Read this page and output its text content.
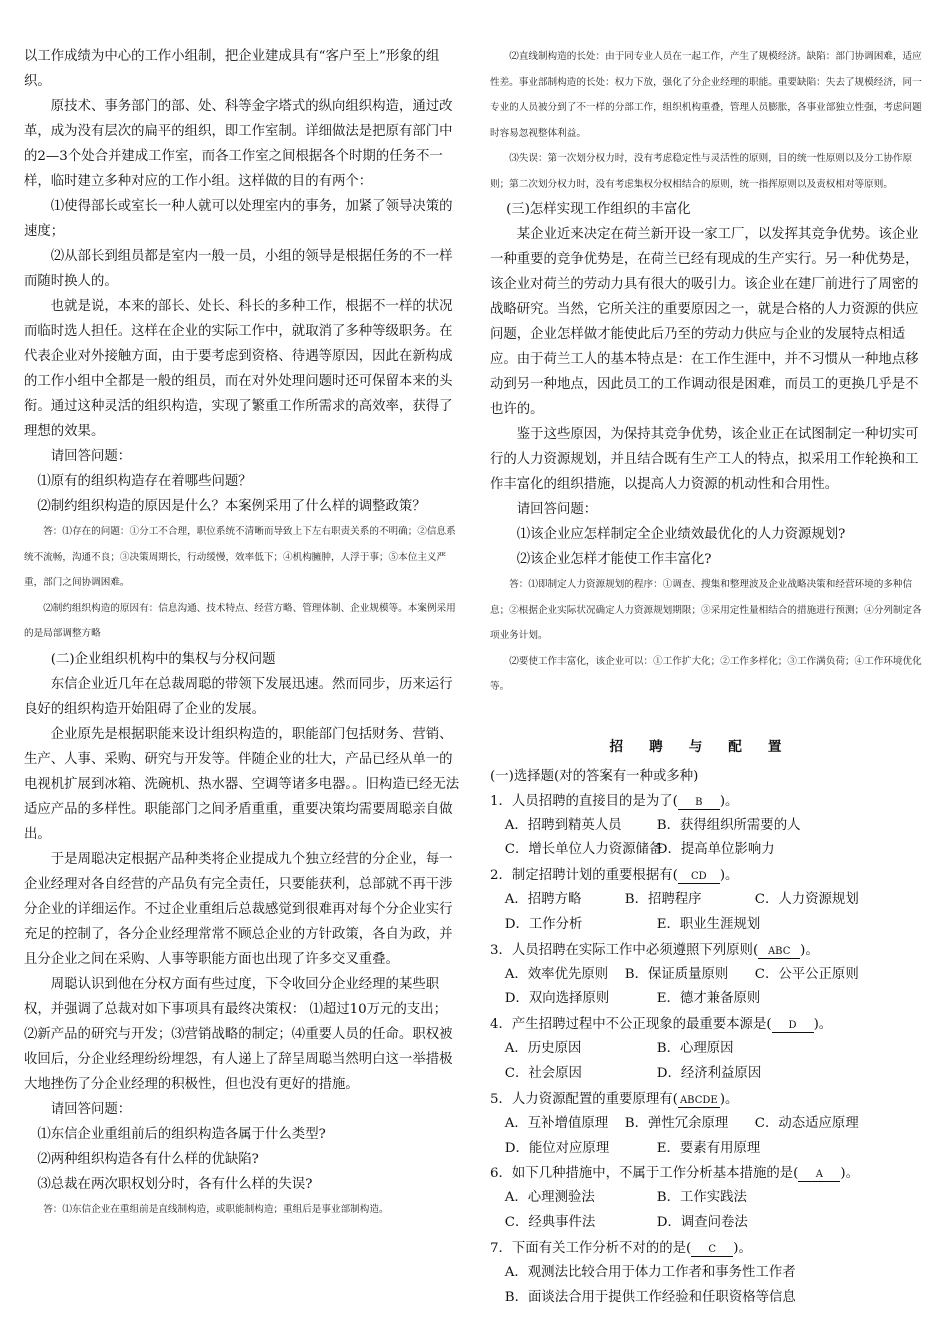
以工作成绩为中心的工作小组制，把企业建成具有“客户至上”形象的组织。

原技术、事务部门的部、处、科等金字塔式的纵向组织构造，通过改革，成为没有层次的扁平的组织，即工作室制。详细做法是把原有部门中的2—3个处合并建成工作室，而各工作室之间根据各个时期的任务不一样，临时建立多种对应的工作小组。这样做的目的有两个：

⑴使得部长或室长一种人就可以处理室内的事务，加紧了领导决策的速度；

⑵从部长到组员都是室内一般一员，小组的领导是根据任务的不一样而随时换人的。

也就是说，本来的部长、处长、科长的多种工作，根据不一样的状况而临时选人担任。这样在企业的实际工作中，就取消了多种等级职务。在代表企业对外接触方面，由于要考虑到资格、待遇等原因，因此在新构成的工作小组中全都是一般的组员，而在对外处理问题时还可保留本来的头衔。通过这种灵活的组织构造，实现了繁重工作所需求的高效率，获得了理想的效果。

请回答问题：

⑴原有的组织构造存在着哪些问题？

⑵制约组织构造的原因是什么？本案例采用了什么样的调整政策？

答：⑴存在的问题：①分工不合理，职位系统不清晰而导致上下左右职责关系的不明确；②信息系统不流畅，沟通不良；③决策周期长，行动缓慢，效率低下；④机构臃肿，人浮于事；⑤本位主义严重，部门之间协调困难。

⑵制约组织构造的原因有：信息沟通、技术特点、经营方略、管理体制、企业规模等。本案例采用的是局部调整方略

(二)企业组织机构中的集权与分权问题

东信企业近几年在总裁周聪的带领下发展迅速。然而同步，历来运行良好的组织构造开始阻碍了企业的发展。

企业原先是根据职能来设计组织构造的，职能部门包括财务、营销、生产、人事、采购、研究与开发等。伴随企业的壮大，产品已经从单一的电视机扩展到冰箱、洗碗机、热水器、空调等诸多电器。。旧构造已经无法适应产品的多样性。职能部门之间矛盾重重，重要决策均需要周聪亲自做出。

于是周聪决定根据产品种类将企业提成九个独立经营的分企业，每一企业经理对各自经营的产品负有完全责任，只要能获利，总部就不再干涉分企业的详细运作。不过企业重组后总裁感觉到很难再对每个分企业实行充足的控制了，各分企业经理常常不顾总企业的方针政策，各自为政，并且分企业之间在采购、人事等职能方面也出现了许多交叉重叠。

周聪认识到他在分权方面有些过度，下令收回分企业经理的某些职权，并强调了总裁对如下事项具有最终决策权： ⑴超过10万元的支出； ⑵新产品的研究与开发；⑶营销战略的制定；⑷重要人员的任命。职权被收回后，分企业经理纷纷埋怨，有人递上了辞呈周聪当然明白这一举措极大地挫伤了分企业经理的积极性，但也没有更好的措施。

请回答问题：

⑴东信企业重组前后的组织构造各属于什么类型?

⑵两种组织构造各有什么样的优缺陷?

⑶总裁在两次职权划分时，各有什么样的失误?

答：⑴东信企业在重组前是直线制构造，或职能制构造；重组后是事业部制构造。

⑵直线制构造的长处：由于同专业人员在一起工作，产生了规模经济。缺陷：部门协调困难，适应性差。事业部制构造的长处：权力下放，强化了分企业经理的职能。重要缺陷：失去了规模经济，同一专业的人员被分到了不一样的分部工作，组织机构重叠，管理人员膨胀，各事业部独立性强，考虑问题时容易忽视整体利益。

⑶失误：第一次划分权力时，没有考虑稳定性与灵活性的原则，目的统一性原则以及分工协作原则；第二次划分权力时，没有考虑集权分权相结合的原则，统一指挥原则以及责权相对等原则。

(三)怎样实现工作组织的丰富化

某企业近来决定在荷兰新开设一家工厂，以发挥其竞争优势。该企业一种重要的竞争优势是，在荷兰已经有现成的生产实行。另一种优势是，该企业对荷兰的劳动力具有很大的吸引力。该企业在建厂前进行了周密的战略研究。当然，它所关注的重要原因之一，就是合格的人力资源的供应问题，企业怎样做才能使此后乃至的劳动力供应与企业的发展特点相适应。由于荷兰工人的基本特点是：在工作生涯中，并不习惯从一种地点移动到另一种地点，因此员工的工作调动很是困难，而员工的更换几乎是不也许的。

鉴于这些原因，为保持其竞争优势，该企业正在试图制定一种切实可行的人力资源规划，并且结合既有生产工人的特点，拟采用工作轮换和工作丰富化的组织措施，以提高人力资源的机动性和合用性。

请回答问题：

⑴该企业应怎样制定全企业绩效最优化的人力资源规划?

⑵该企业怎样才能使工作丰富化?

答：⑴即制定人力资源规划的程序：①调查、搜集和整理波及企业战略决策和经营环境的多种信息；②根据企业实际状况确定人力资源规划期限；③采用定性量相结合的措施进行预测；④分列制定各项业务计划。

⑵要使工作丰富化，该企业可以：①工作扩大化；②工作多样化；③工作满负荷；④工作环境优化等。

招聘与配置

(一)选择题(对的答案有一种或多种)

1．人员招聘的直接目的是为了( B )。

A．招聘到精英人员	B．获得组织所需要的人

C．增长单位人力资源储备
D．提高单位影响力

2．制定招聘计划的重要根据有( CD )。

A．招聘方略	B．招聘程序	C．人力资源规划

D．工作分析	E．职业生涯规划

3．人员招聘在实际工作中必须遵照下列原则( ABC )。

A．效率优先原则	B．保证质量原则	C．公平公正原则

D．双向选择原则	E．德才兼备原则

4．产生招聘过程中不公正现象的最重要本源是( D )。

A．历史原因	B．心理原因

C．社会原因	D．经济利益原因

5．人力资源配置的重要原理有( ABCDE )。

A．互补增值原理	B．弹性冗余原理	C．动态适应原理

D．能位对应原理	E．要素有用原理

6．如下几种措施中，不属于工作分析基本措施的是( A )。

A．心理测验法	B．工作实践法

C．经典事件法	D．调查问卷法

7．下面有关工作分析不对的的是( C )。

A．观测法比较合用于体力工作者和事务性工作者

B．面谈法合用于提供工作经验和任职资格等信息
